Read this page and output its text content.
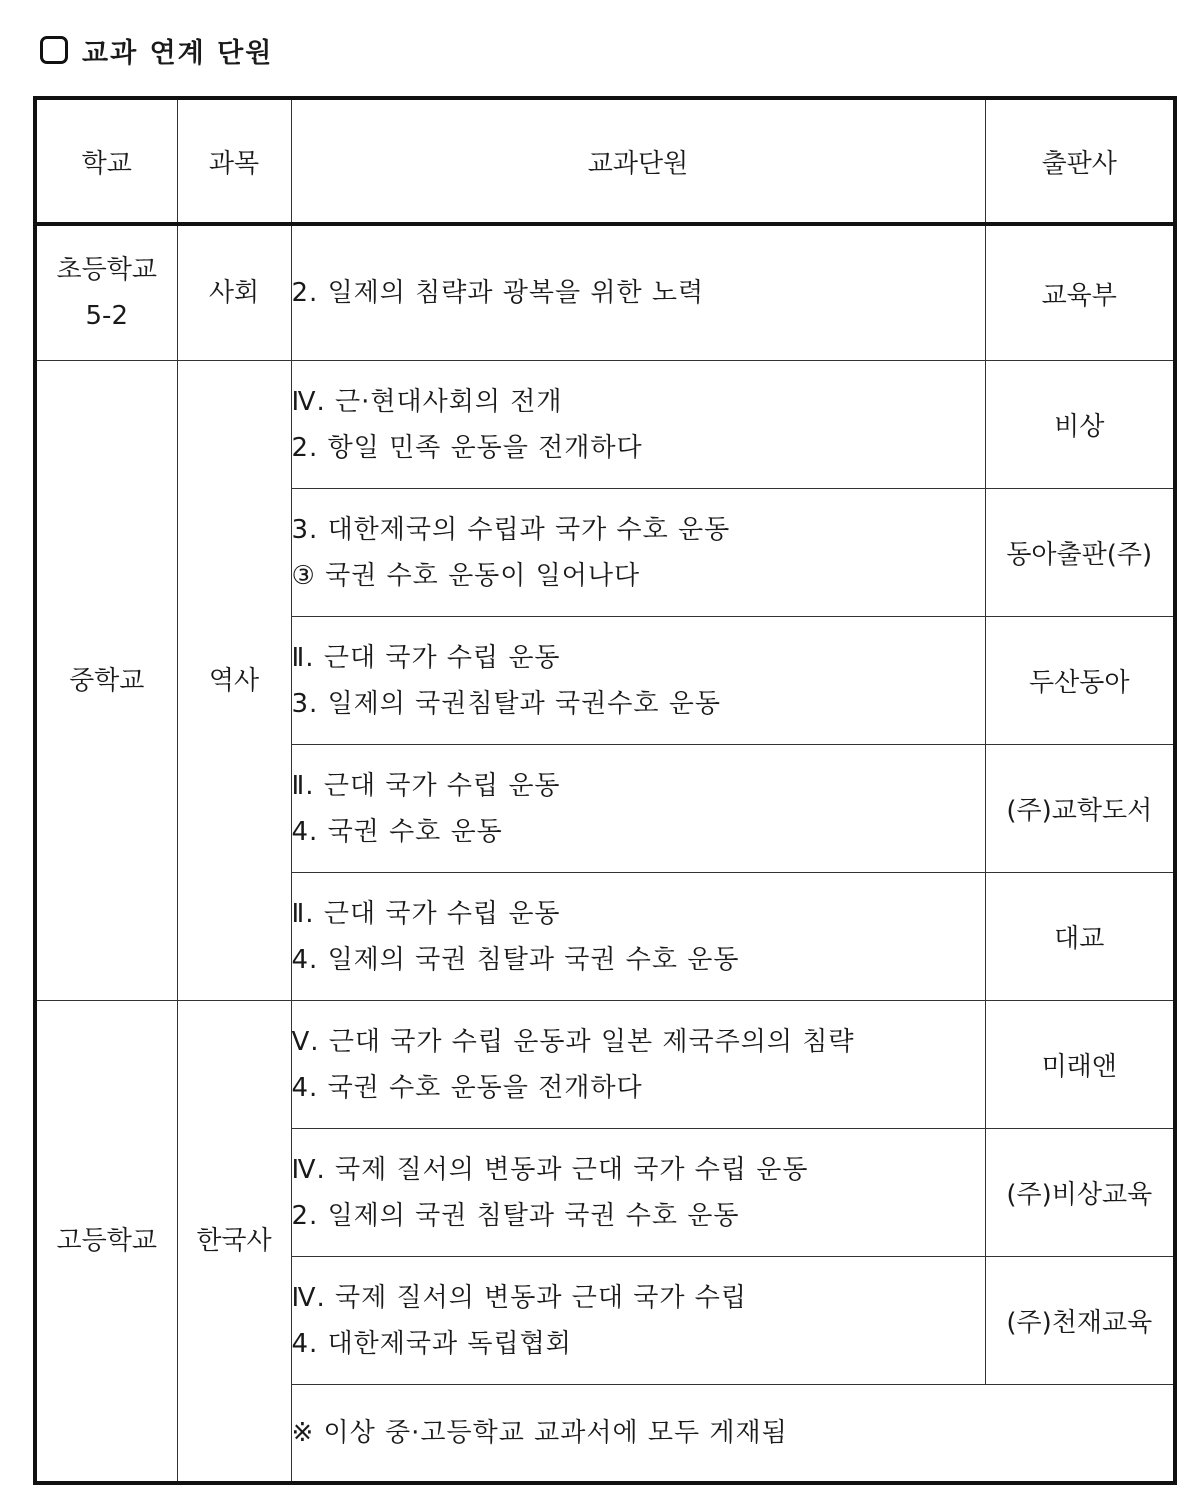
교과 연계 단원
학교	과목	교과단원	출판사

초등학교
5-2	사회	2. 일제의 침략과 광복을 위한 노력	교육부
중학교	역사	Ⅳ. 근·현대사회의 전개
2. 항일 민족 운동을 전개하다	비상

		3. 대한제국의 수립과 국가 수호 운동
③ 국권 수호 운동이 일어나다	동아출판(주)

		Ⅱ. 근대 국가 수립 운동
3. 일제의 국권침탈과 국권수호 운동	두산동아

		Ⅱ. 근대 국가 수립 운동
4. 국권 수호 운동	(주)교학도서

		Ⅱ. 근대 국가 수립 운동
4. 일제의 국권 침탈과 국권 수호 운동	대교
고등학교	한국사	Ⅴ. 근대 국가 수립 운동과 일본 제국주의의 침략
4. 국권 수호 운동을 전개하다	미래앤

		Ⅳ. 국제 질서의 변동과 근대 국가 수립 운동
2. 일제의 국권 침탈과 국권 수호 운동	(주)비상교육

		Ⅳ. 국제 질서의 변동과 근대 국가 수립
4. 대한제국과 독립협회	(주)천재교육
		※ 이상 중·고등학교 교과서에 모두 게재됨	
